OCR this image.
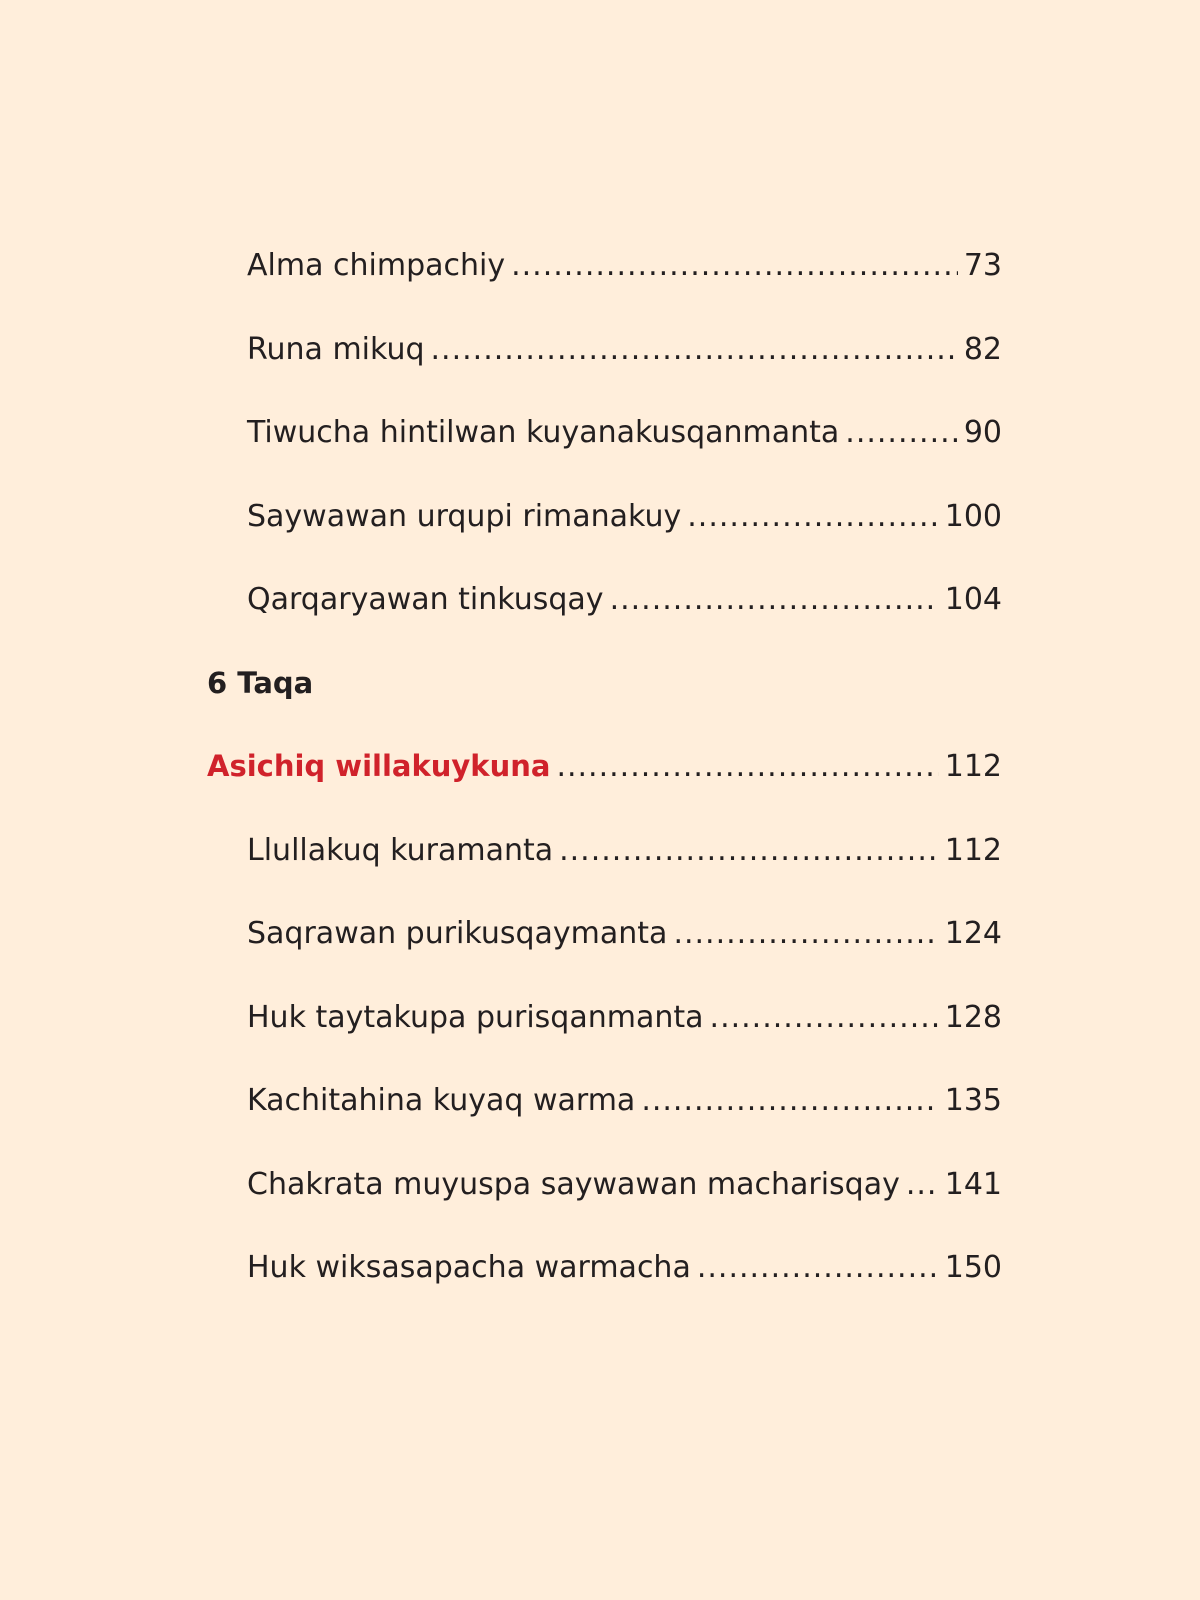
Alma chimpachiy .....	73
Runa mikuq .....	82
Tiwucha hintilwan kuyanakusqanmanta .....	90
Saywawan urqupi rimanakuy .....	100
Qarqaryawan tinkusqay .....	104
6 Taqa
Asichiq willakuykuna .....	112
Llullakuq kuramanta .....	112
Saqrawan purikusqaymanta .....	124
Huk taytakupa purisqanmanta .....	128
Kachitahina kuyaq warma .....	135
Chakrata muyuspa saywawan macharisqay ..... 141
Huk wiksasapacha warmacha .....	150
